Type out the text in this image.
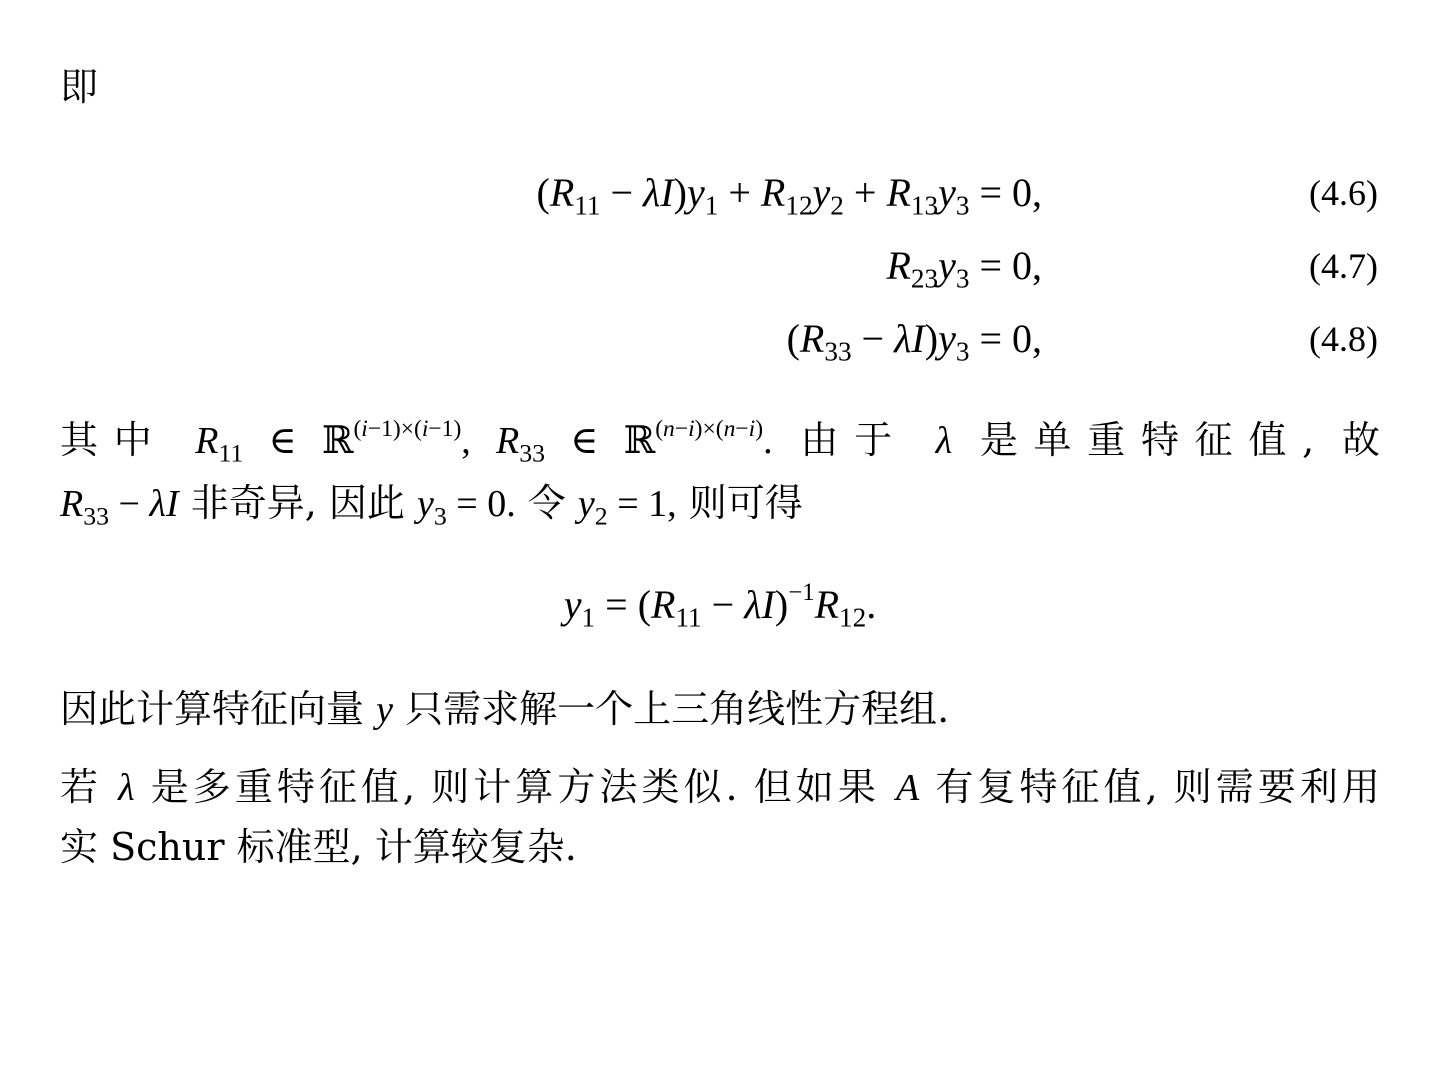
即
$(R_{11} - \lambda I)y_1 + R_{12}y_2 + R_{13}y_3 = 0$,	(4.6)
$R_{23}y_3 = 0$,	(4.7)
$(R_{33} - \lambda I)y_3 = 0$,	(4.8)
其中 $R_{11}$ ∈ ℝ$^{(i-1)\times(i-1)}$, $R_{33}$ ∈ ℝ$^{(n-i)\times(n-i)}$. 由于 λ 是单重特征值, 故
$R_{33} - \lambda I$ 非奇异, 因此 $y_3 = 0$. 令 $y_2 = 1$, 则可得
$y_1 = (R_{11} - \lambda I)^{-1}R_{12}$.
因此计算特征向量 y 只需求解一个上三角线性方程组.
若 λ 是多重特征值, 则计算方法类似. 但如果 A 有复特征值, 则需要利用
实 Schur 标准型, 计算较复杂.
